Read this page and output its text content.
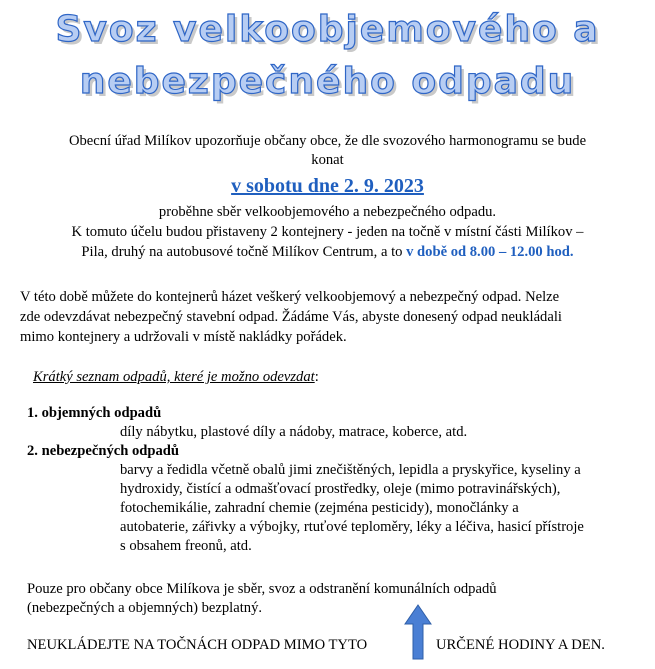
Svoz velkoobjemového a
nebezpečného odpadu
Obecní úřad Milíkov upozorňuje občany obce, že dle svozového harmonogramu se bude
konat
v sobotu dne 2. 9. 2023
proběhne sběr velkoobjemového a nebezpečného odpadu.
K tomuto účelu budou přistaveny 2 kontejnery - jeden na točně v místní části Milíkov –
Pila, druhý na autobusové točně Milíkov Centrum, a to v době od 8.00 – 12.00 hod.
V této době můžete do kontejnerů házet veškerý velkoobjemový a nebezpečný odpad. Nelze
zde odevzdávat nebezpečný stavební odpad. Žádáme Vás, abyste donesený odpad neukládali
mimo kontejnery a udržovali v místě nakládky pořádek.
Krátký seznam odpadů, které je možno odevzdat:
1. objemných odpadů
díly nábytku, plastové díly a nádoby, matrace, koberce, atd.
2. nebezpečných odpadů
barvy a ředidla včetně obalů jimi znečištěných, lepidla a pryskyřice, kyseliny a
hydroxidy, čistící a odmašťovací prostředky, oleje (mimo potravinářských),
fotochemikálie, zahradní chemie (zejména pesticidy), monočlánky a
autobaterie, zářivky a výbojky, rtuťové teploměry, léky a léčiva, hasicí přístroje
s obsahem freonů, atd.
Pouze pro občany obce Milíkova je sběr, svoz a odstranění komunálních odpadů
(nebezpečných a objemných) bezplatný.
NEUKLÁDEJTE NA TOČNÁCH ODPAD MIMO TYTO	URČENÉ HODINY A DEN.
